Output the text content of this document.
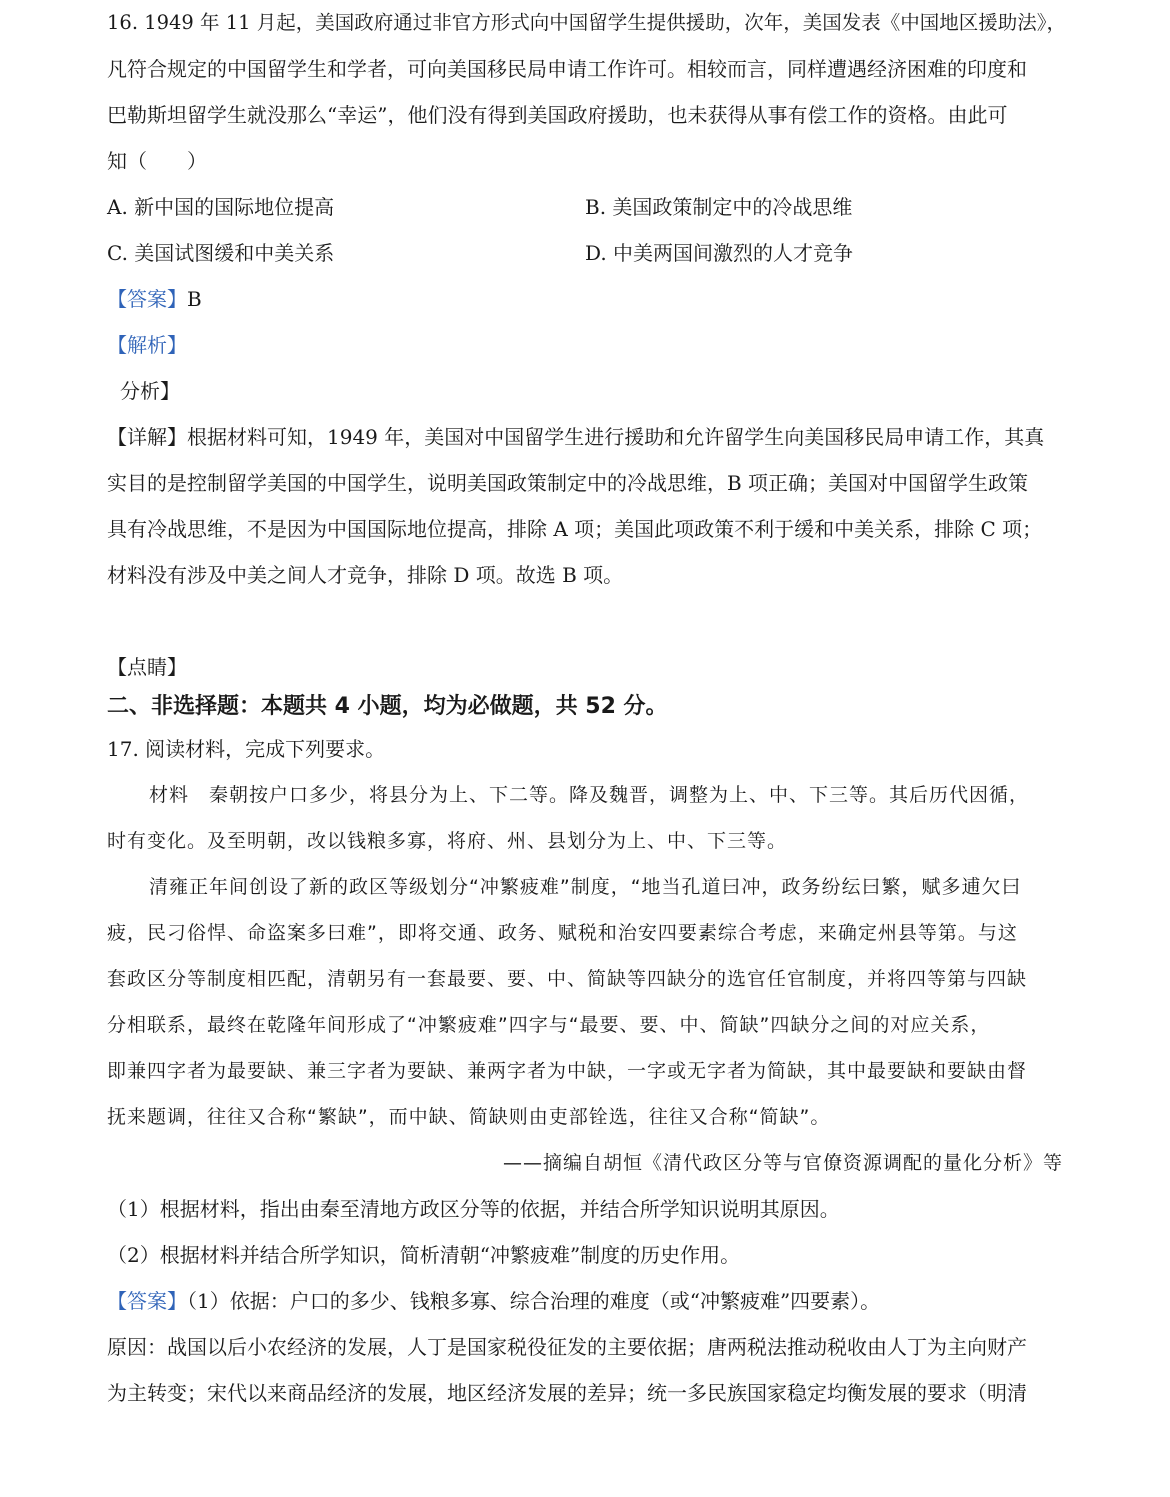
16. 1949 年 11 月起，美国政府通过非官方形式向中国留学生提供援助，次年，美国发表《中国地区援助法》，
凡符合规定的中国留学生和学者，可向美国移民局申请工作许可。相较而言，同样遭遇经济困难的印度和
巴勒斯坦留学生就没那么“幸运”，他们没有得到美国政府援助，也未获得从事有偿工作的资格。由此可
知（　　）
A. 新中国的国际地位提高	B. 美国政策制定中的冷战思维
C. 美国试图缓和中美关系	D. 中美两国间激烈的人才竞争
【答案】B
【解析】
分析】
【详解】根据材料可知，1949 年，美国对中国留学生进行援助和允许留学生向美国移民局申请工作，其真
实目的是控制留学美国的中国学生，说明美国政策制定中的冷战思维，B 项正确；美国对中国留学生政策
具有冷战思维，不是因为中国国际地位提高，排除 A 项；美国此项政策不利于缓和中美关系，排除 C 项；
材料没有涉及中美之间人才竞争，排除 D 项。故选 B 项。
【点睛】
二、非选择题：本题共 4 小题，均为必做题，共 52 分。
17. 阅读材料，完成下列要求。
材料　秦朝按户口多少，将县分为上、下二等。降及魏晋，调整为上、中、下三等。其后历代因循，
时有变化。及至明朝，改以钱粮多寡，将府、州、县划分为上、中、下三等。
清雍正年间创设了新的政区等级划分“冲繁疲难”制度，“地当孔道曰冲，政务纷纭曰繁，赋多逋欠曰
疲，民刁俗悍、命盗案多曰难”，即将交通、政务、赋税和治安四要素综合考虑，来确定州县等第。与这
套政区分等制度相匹配，清朝另有一套最要、要、中、简缺等四缺分的选官任官制度，并将四等第与四缺
分相联系，最终在乾隆年间形成了“冲繁疲难”四字与“最要、要、中、简缺”四缺分之间的对应关系，
即兼四字者为最要缺、兼三字者为要缺、兼两字者为中缺，一字或无字者为简缺，其中最要缺和要缺由督
抚来题调，往往又合称“繁缺”，而中缺、简缺则由吏部铨选，往往又合称“简缺”。
——摘编自胡恒《清代政区分等与官僚资源调配的量化分析》等
（1）根据材料，指出由秦至清地方政区分等的依据，并结合所学知识说明其原因。
（2）根据材料并结合所学知识，简析清朝“冲繁疲难”制度的历史作用。
【答案】（1）依据：户口的多少、钱粮多寡、综合治理的难度（或“冲繁疲难”四要素）。
原因：战国以后小农经济的发展，人丁是国家税役征发的主要依据；唐两税法推动税收由人丁为主向财产
为主转变；宋代以来商品经济的发展，地区经济发展的差异；统一多民族国家稳定均衡发展的要求（明清
